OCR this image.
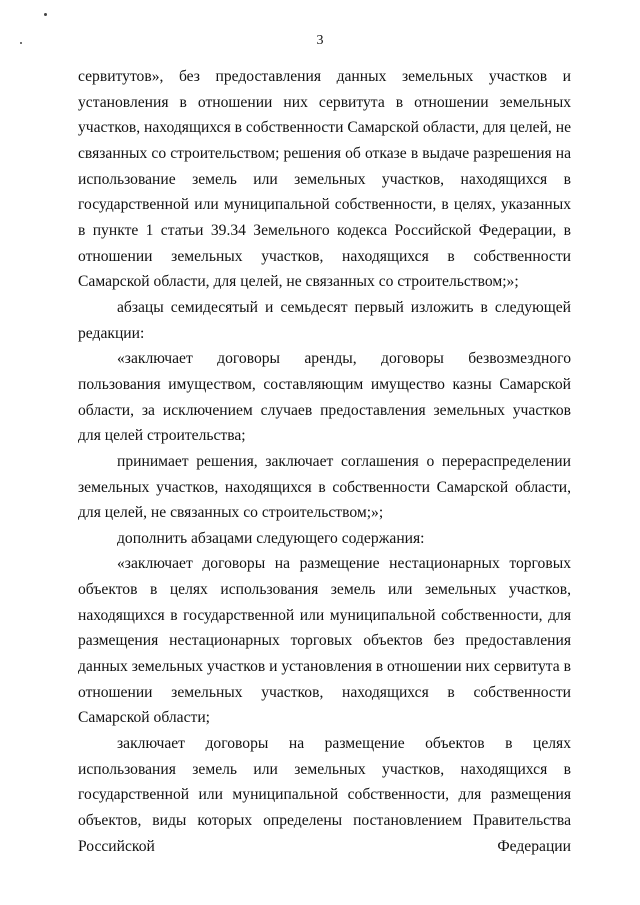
3

сервитутов», без предоставления данных земельных участков и установления в отношении них сервитута в отношении земельных участков, находящихся в собственности Самарской области, для целей, не связанных со строительством; решения об отказе в выдаче разрешения на использование земель или земельных участков, находящихся в государственной или муниципальной собственности, в целях, указанных в пункте 1 статьи 39.34 Земельного кодекса Российской Федерации, в отношении земельных участков, находящихся в собственности Самарской области, для целей, не связанных со строительством;»;

абзацы семидесятый и семьдесят первый изложить в следующей редакции:

«заключает договоры аренды, договоры безвозмездного пользования имуществом, составляющим имущество казны Самарской области, за исключением случаев предоставления земельных участков для целей строительства;

принимает решения, заключает соглашения о перераспределении земельных участков, находящихся в собственности Самарской области, для целей, не связанных со строительством;»;

дополнить абзацами следующего содержания:

«заключает договоры на размещение нестационарных торговых объектов в целях использования земель или земельных участков, находящихся в государственной или муниципальной собственности, для размещения нестационарных торговых объектов без предоставления данных земельных участков и установления в отношении них сервитута в отношении земельных участков, находящихся в собственности Самарской области;

заключает договоры на размещение объектов в целях использования земель или земельных участков, находящихся в государственной или муниципальной собственности, для размещения объектов, виды которых определены постановлением Правительства Российской Федерации
